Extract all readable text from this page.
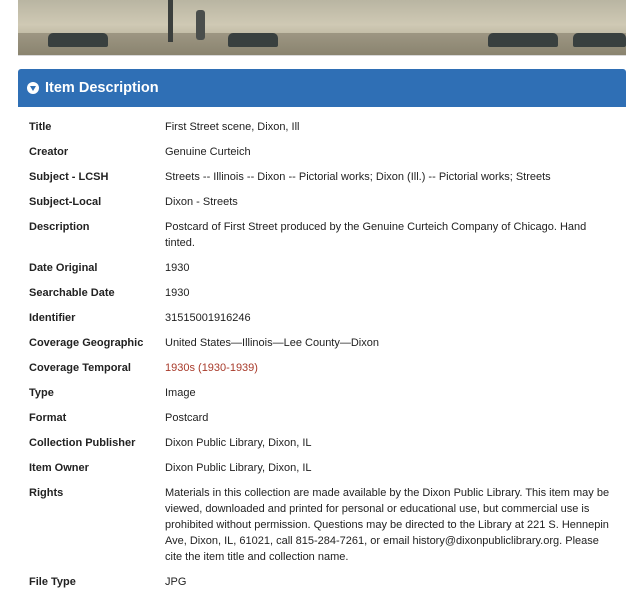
Item Description
Title	First Street scene, Dixon, Ill
Creator	Genuine Curteich
Subject - LCSH	Streets -- Illinois -- Dixon -- Pictorial works; Dixon (Ill.) -- Pictorial works; Streets
Subject-Local	Dixon - Streets
Description	Postcard of First Street produced by the Genuine Curteich Company of Chicago. Hand tinted.
Date Original	1930
Searchable Date	1930
Identifier	31515001916246
Coverage Geographic	United States—Illinois—Lee County—Dixon
Coverage Temporal	1930s (1930-1939)
Type	Image
Format	Postcard
Collection Publisher	Dixon Public Library, Dixon, IL
Item Owner	Dixon Public Library, Dixon, IL
Rights	Materials in this collection are made available by the Dixon Public Library. This item may be viewed, downloaded and printed for personal or educational use, but commercial use is prohibited without permission. Questions may be directed to the Library at 221 S. Hennepin Ave, Dixon, IL, 61021, call 815-284-7261, or email history@dixonpubliclibrary.org. Please cite the item title and collection name.
File Type	JPG
